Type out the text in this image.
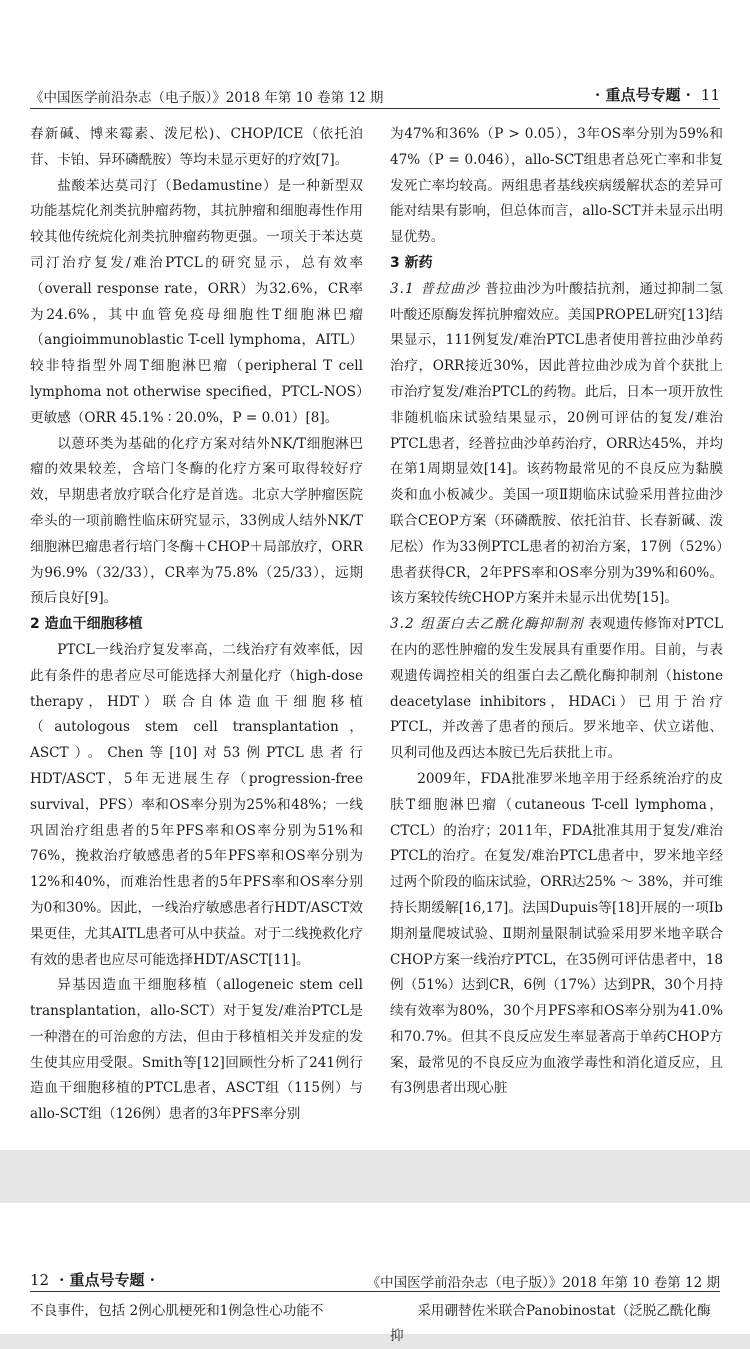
《中国医学前沿杂志（电子版）》2018 年第 10 卷第 12 期	· 重点号专题 · 11

春新碱、博来霉素、泼尼松)、CHOP/ICE（依托泊苷、卡铂、异环磷酰胺）等均未显示更好的疗效[7]。

盐酸苯达莫司汀（Bedamustine）是一种新型双功能基烷化剂类抗肿瘤药物，其抗肿瘤和细胞毒性作用较其他传统烷化剂类抗肿瘤药物更强。一项关于苯达莫司汀治疗复发/难治PTCL的研究显示，总有效率（overall response rate，ORR）为32.6%，CR率为24.6%，其中血管免疫母细胞性T细胞淋巴瘤（angioimmunoblastic T-cell lymphoma，AITL）较非特指型外周T细胞淋巴瘤（peripheral T cell lymphoma not otherwise specified，PTCL-NOS）更敏感（ORR 45.1% ∶ 20.0%，P = 0.01）[8]。

以蒽环类为基础的化疗方案对结外NK/T细胞淋巴瘤的效果较差，含培门冬酶的化疗方案可取得较好疗效，早期患者放疗联合化疗是首选。北京大学肿瘤医院牵头的一项前瞻性临床研究显示，33例成人结外NK/T细胞淋巴瘤患者行培门冬酶＋CHOP＋局部放疗，ORR为96.9%（32/33），CR率为75.8%（25/33），远期预后良好[9]。

2 造血干细胞移植

PTCL一线治疗复发率高，二线治疗有效率低，因此有条件的患者应尽可能选择大剂量化疗（high-dose therapy，HDT）联合自体造血干细胞移植（autologous stem cell transplantation，ASCT）。Chen等[10]对53例PTCL患者行HDT/ASCT，5年无进展生存（progression-free survival，PFS）率和OS率分别为25%和48%；一线巩固治疗组患者的5年PFS率和OS率分别为51%和76%，挽救治疗敏感患者的5年PFS率和OS率分别为12%和40%，而难治性患者的5年PFS率和OS率分别为0和30%。因此，一线治疗敏感患者行HDT/ASCT效果更佳，尤其AITL患者可从中获益。对于二线挽救化疗有效的患者也应尽可能选择HDT/ASCT[11]。

异基因造血干细胞移植（allogeneic stem cell transplantation，allo-SCT）对于复发/难治PTCL是一种潜在的可治愈的方法，但由于移植相关并发症的发生使其应用受限。Smith等[12]回顾性分析了241例行造血干细胞移植的PTCL患者，ASCT组（115例）与allo-SCT组（126例）患者的3年PFS率分别

为47%和36%（P > 0.05），3年OS率分别为59%和47%（P = 0.046），allo-SCT组患者总死亡率和非复发死亡率均较高。两组患者基线疾病缓解状态的差异可能对结果有影响，但总体而言，allo-SCT并未显示出明显优势。

3 新药

3.1 普拉曲沙 普拉曲沙为叶酸拮抗剂，通过抑制二氢叶酸还原酶发挥抗肿瘤效应。美国PROPEL研究[13]结果显示，111例复发/难治PTCL患者使用普拉曲沙单药治疗，ORR接近30%，因此普拉曲沙成为首个获批上市治疗复发/难治PTCL的药物。此后，日本一项开放性非随机临床试验结果显示，20例可评估的复发/难治PTCL患者，经普拉曲沙单药治疗，ORR达45%，并均在第1周期显效[14]。该药物最常见的不良反应为黏膜炎和血小板减少。美国一项Ⅱ期临床试验采用普拉曲沙联合CEOP方案（环磷酰胺、依托泊苷、长春新碱、泼尼松）作为33例PTCL患者的初治方案，17例（52%）患者获得CR，2年PFS率和OS率分别为39%和60%。该方案较传统CHOP方案并未显示出优势[15]。

3.2 组蛋白去乙酰化酶抑制剂 表观遗传修饰对PTCL在内的恶性肿瘤的发生发展具有重要作用。目前，与表观遗传调控相关的组蛋白去乙酰化酶抑制剂（histone deacetylase inhibitors，HDACi）已用于治疗PTCL，并改善了患者的预后。罗米地辛、伏立诺他、贝利司他及西达本胺已先后获批上市。

2009年，FDA批准罗米地辛用于经系统治疗的皮肤T细胞淋巴瘤（cutaneous T-cell lymphoma，CTCL）的治疗；2011年，FDA批准其用于复发/难治PTCL的治疗。在复发/难治PTCL患者中，罗米地辛经过两个阶段的临床试验，ORR达25% ～ 38%，并可维持长期缓解[16,17]。法国Dupuis等[18]开展的一项Ⅰb期剂量爬坡试验、Ⅱ期剂量限制试验采用罗米地辛联合CHOP方案一线治疗PTCL，在35例可评估患者中，18例（51%）达到CR，6例（17%）达到PR，30个月持续有效率为80%，30个月PFS率和OS率分别为41.0%和70.7%。但其不良反应发生率显著高于单药CHOP方案，最常见的不良反应为血液学毒性和消化道反应，且有3例患者出现心脏

12 · 重点号专题 ·	《中国医学前沿杂志（电子版）》2018 年第 10 卷第 12 期
不良事件，包括 2例心肌梗死和1例急性心功能不	采用硼替佐米联合Panobinostat（泛脱乙酰化酶抑
